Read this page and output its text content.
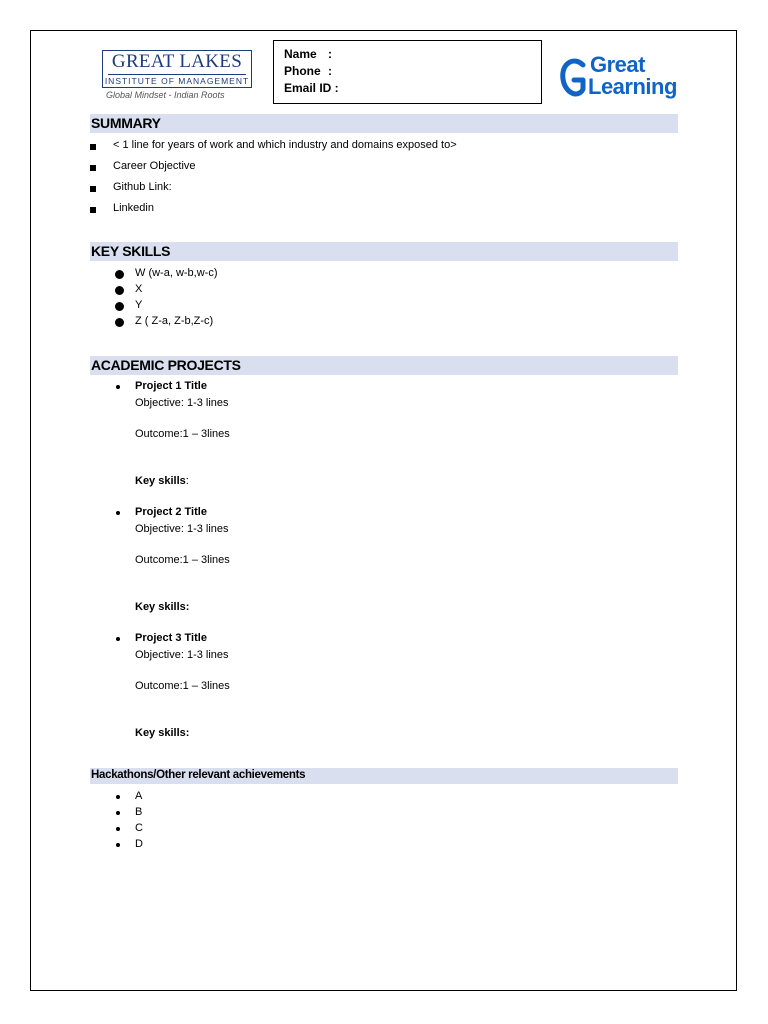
GREAT LAKES
INSTITUTE OF MANAGEMENT
Global Mindset - Indian Roots
Name :
Phone :
Email ID :
Great
Learning
SUMMARY
< 1 line for years of work and which industry and domains exposed to>
Career Objective
Github Link:
Linkedin
KEY SKILLS
W (w-a, w-b,w-c)
X
Y
Z ( Z-a, Z-b,Z-c)
ACADEMIC PROJECTS
Project 1 Title
Objective: 1-3 lines
Outcome:1 – 3lines
Key skills:
Project 2 Title
Objective: 1-3 lines
Outcome:1 – 3lines
Key skills:
Project 3 Title
Objective: 1-3 lines
Outcome:1 – 3lines
Key skills:
Hackathons/Other relevant achievements
A
B
C
D
